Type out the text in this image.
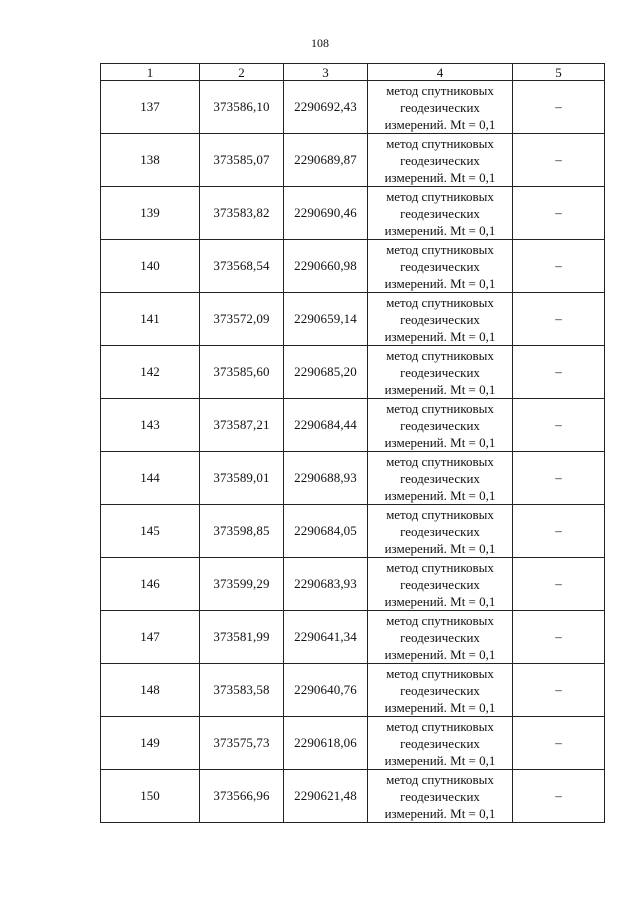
108
1	2	3	4	5
137	373586,10	2290692,43	метод спутниковых
геодезических
измерений. Mt = 0,1	–
138	373585,07	2290689,87	метод спутниковых
геодезических
измерений. Mt = 0,1	–
139	373583,82	2290690,46	метод спутниковых
геодезических
измерений. Mt = 0,1	–
140	373568,54	2290660,98	метод спутниковых
геодезических
измерений. Mt = 0,1	–
141	373572,09	2290659,14	метод спутниковых
геодезических
измерений. Mt = 0,1	–
142	373585,60	2290685,20	метод спутниковых
геодезических
измерений. Mt = 0,1	–
143	373587,21	2290684,44	метод спутниковых
геодезических
измерений. Mt = 0,1	–
144	373589,01	2290688,93	метод спутниковых
геодезических
измерений. Mt = 0,1	–
145	373598,85	2290684,05	метод спутниковых
геодезических
измерений. Mt = 0,1	–
146	373599,29	2290683,93	метод спутниковых
геодезических
измерений. Mt = 0,1	–
147	373581,99	2290641,34	метод спутниковых
геодезических
измерений. Mt = 0,1	–
148	373583,58	2290640,76	метод спутниковых
геодезических
измерений. Mt = 0,1	–
149	373575,73	2290618,06	метод спутниковых
геодезических
измерений. Mt = 0,1	–
150	373566,96	2290621,48	метод спутниковых
геодезических
измерений. Mt = 0,1	–
